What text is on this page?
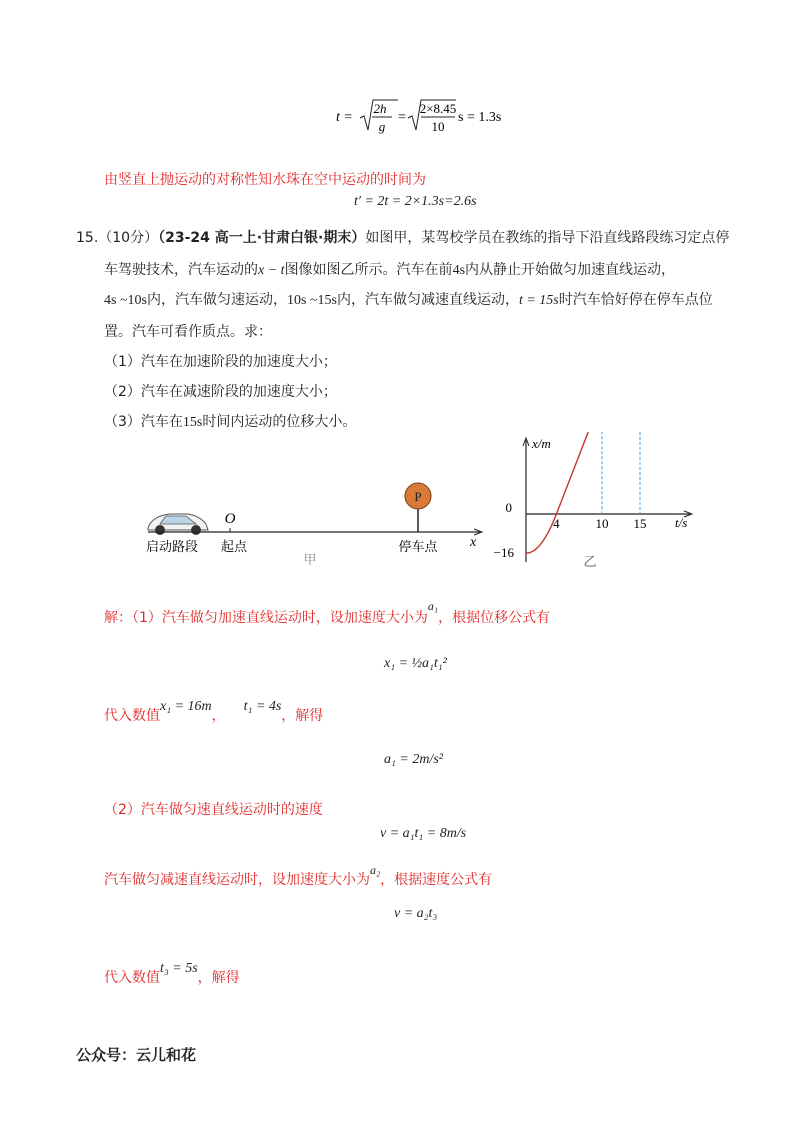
t =
2h
g
=
2×8.45
10
s = 1.3s
由竖直上抛运动的对称性知水珠在空中运动的时间为
t′ = 2t = 2×1.3s=2.6s
15.（10分）（23-24 高一上·甘肃白银·期末）如图甲，某驾校学员在教练的指导下沿直线路段练习定点停
车驾驶技术，汽车运动的x − t图像如图乙所示。汽车在前4s内从静止开始做匀加速直线运动，
4s ~10s内，汽车做匀速运动，10s ~15s内，汽车做匀减速直线运动，t = 15s时汽车恰好停在停车点位
置。汽车可看作质点。求：
（1）汽车在加速阶段的加速度大小；
（2）汽车在减速阶段的加速度大小；
（3）汽车在15s时间内运动的位移大小。
O
P
x
启动路段 起点	停车点
甲
x/m
t/s
0
−16
4	10 15
乙
解：（1）汽车做匀加速直线运动时，设加速度大小为a₁，根据位移公式有
x₁ = ½a₁t₁²
代入数值x₁ = 16m，t₁ = 4s，解得
a₁ = 2m/s²
（2）汽车做匀速直线运动时的速度
v = a₁t₁ = 8m/s
汽车做匀减速直线运动时，设加速度大小为a₂，根据速度公式有
v = a₂t₃
代入数值t₃ = 5s，解得
公众号：云儿和花
